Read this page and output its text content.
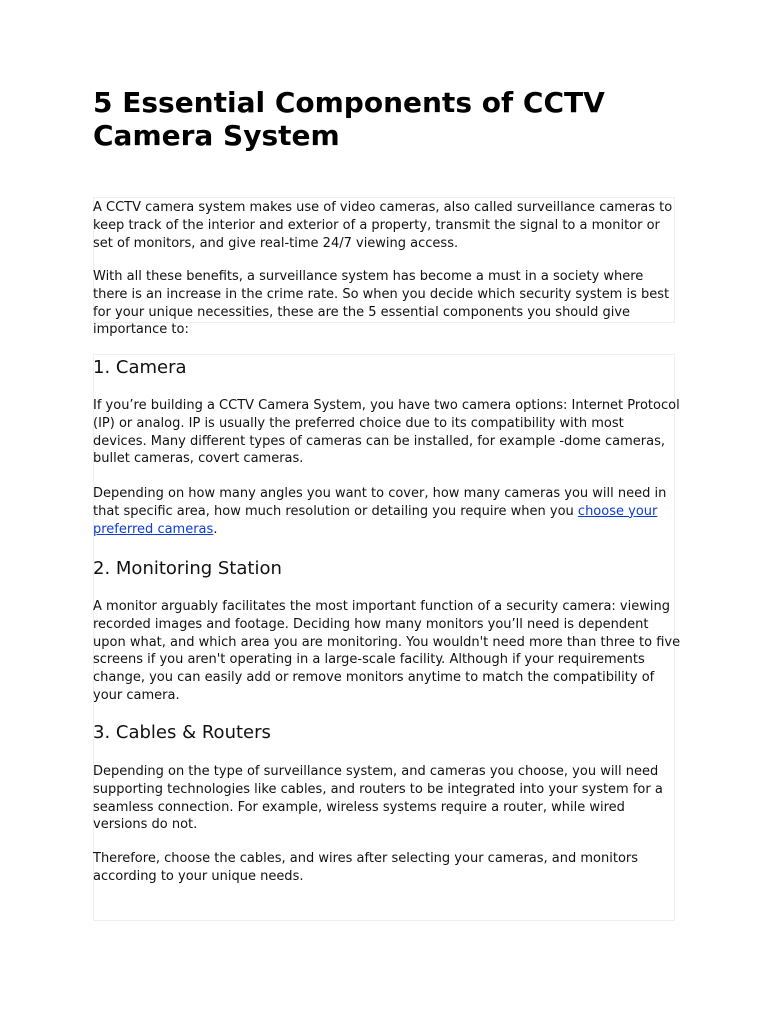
5 Essential Components of CCTV Camera System

A CCTV camera system makes use of video cameras, also called surveillance cameras to keep track of the interior and exterior of a property, transmit the signal to a monitor or set of monitors, and give real-time 24/7 viewing access.

With all these benefits, a surveillance system has become a must in a society where there is an increase in the crime rate. So when you decide which security system is best for your unique necessities, these are the 5 essential components you should give importance to:

1. Camera

If you’re building a CCTV Camera System, you have two camera options: Internet Protocol (IP) or analog. IP is usually the preferred choice due to its compatibility with most devices. Many different types of cameras can be installed, for example -dome cameras, bullet cameras, covert cameras.

Depending on how many angles you want to cover, how many cameras you will need in that specific area, how much resolution or detailing you require when you choose your preferred cameras.

2. Monitoring Station

A monitor arguably facilitates the most important function of a security camera: viewing recorded images and footage. Deciding how many monitors you’ll need is dependent upon what, and which area you are monitoring. You wouldn't need more than three to five screens if you aren't operating in a large-scale facility. Although if your requirements change, you can easily add or remove monitors anytime to match the compatibility of your camera.

3. Cables & Routers

Depending on the type of surveillance system, and cameras you choose, you will need supporting technologies like cables, and routers to be integrated into your system for a seamless connection. For example, wireless systems require a router, while wired versions do not.

Therefore, choose the cables, and wires after selecting your cameras, and monitors according to your unique needs.
